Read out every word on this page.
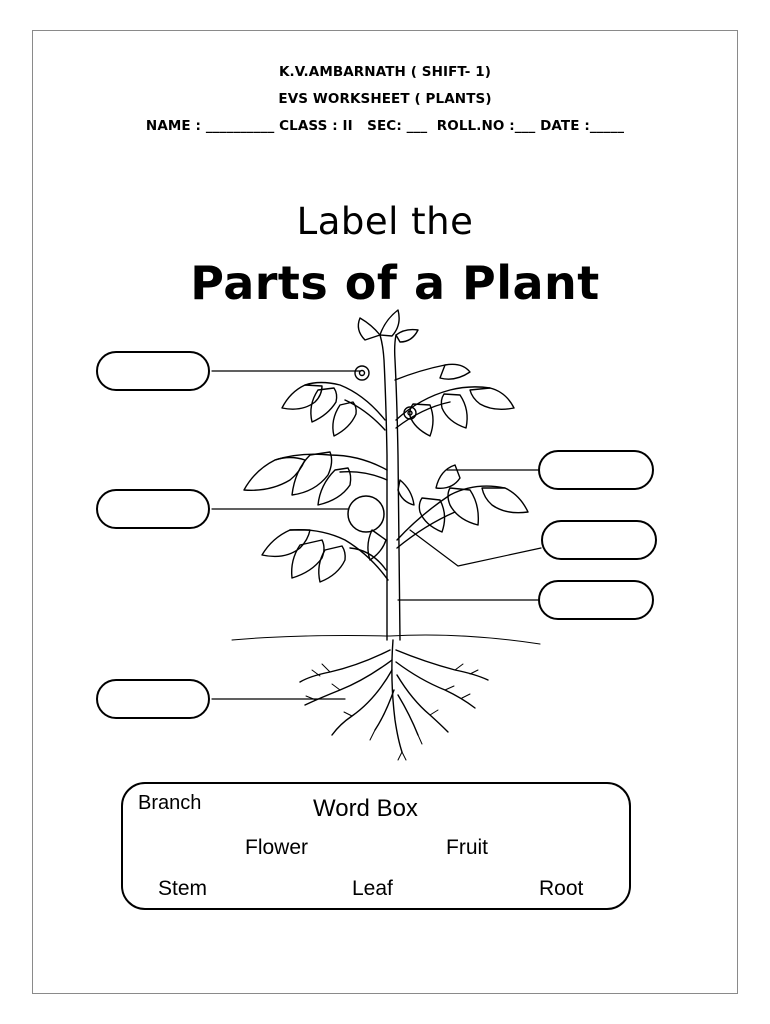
K.V.AMBARNATH ( SHIFT- 1)
EVS WORKSHEET ( PLANTS)
NAME : __________ CLASS : II   SEC: ___  ROLL.NO :___ DATE :_____
Label the
Parts of a Plant
Word Box
Branch
Flower	Fruit
Stem	Leaf	Root
